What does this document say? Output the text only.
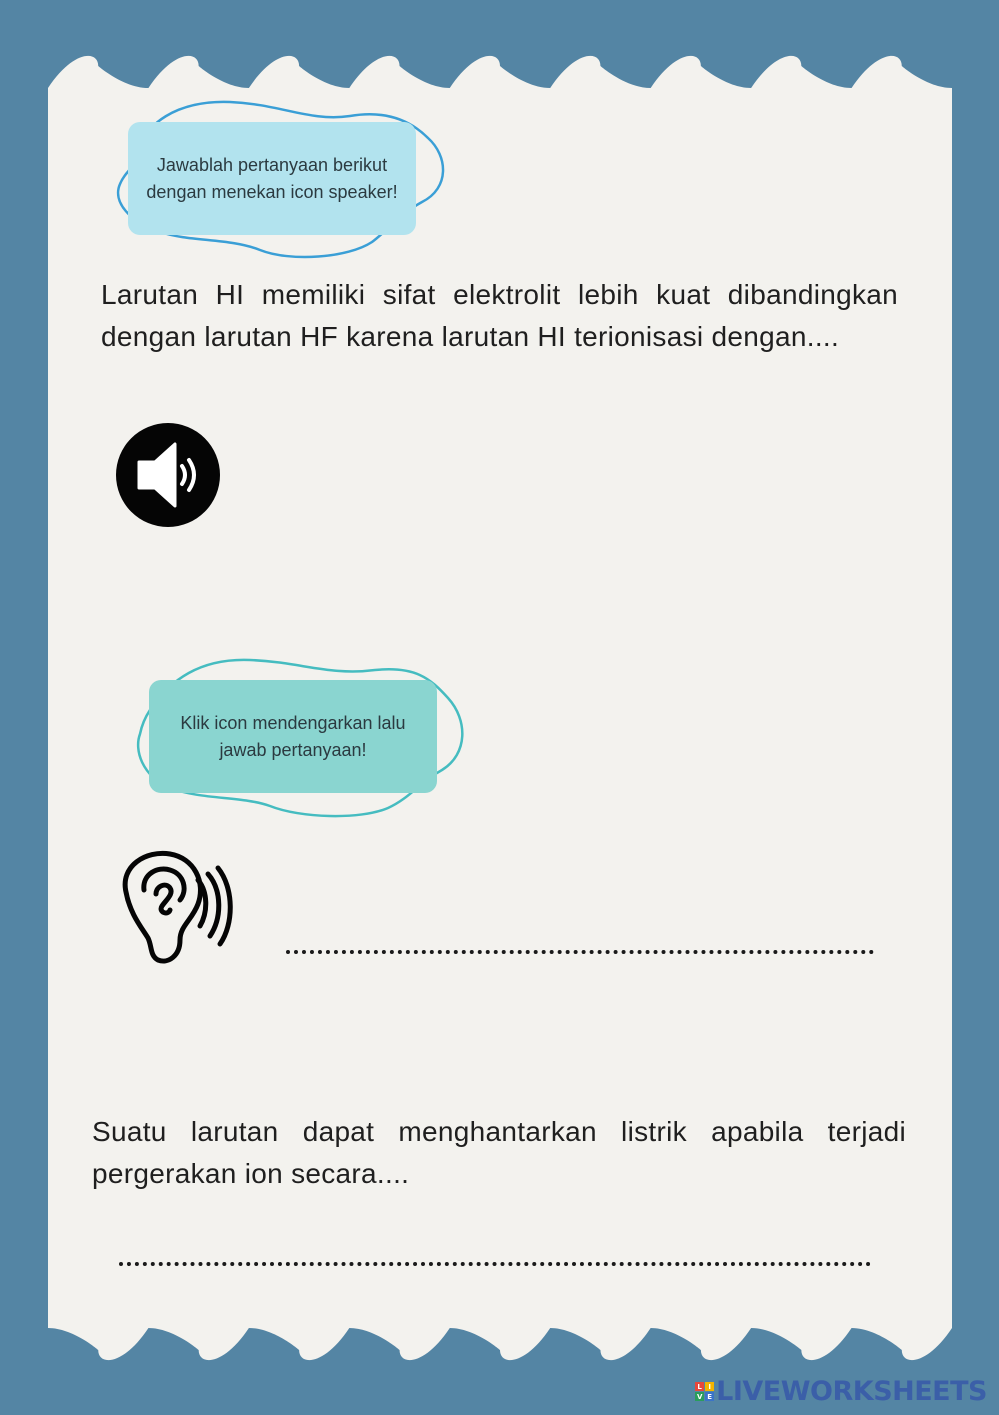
Jawablah pertanyaan berikut dengan menekan icon speaker!
Larutan HI memiliki sifat elektrolit lebih kuat dibandingkan dengan larutan HF karena larutan HI terionisasi dengan....
Klik icon mendengarkan lalu jawab pertanyaan!
Suatu larutan dapat menghantarkan listrik apabila terjadi pergerakan ion secara....
L I
V E LIVEWORKSHEETS
